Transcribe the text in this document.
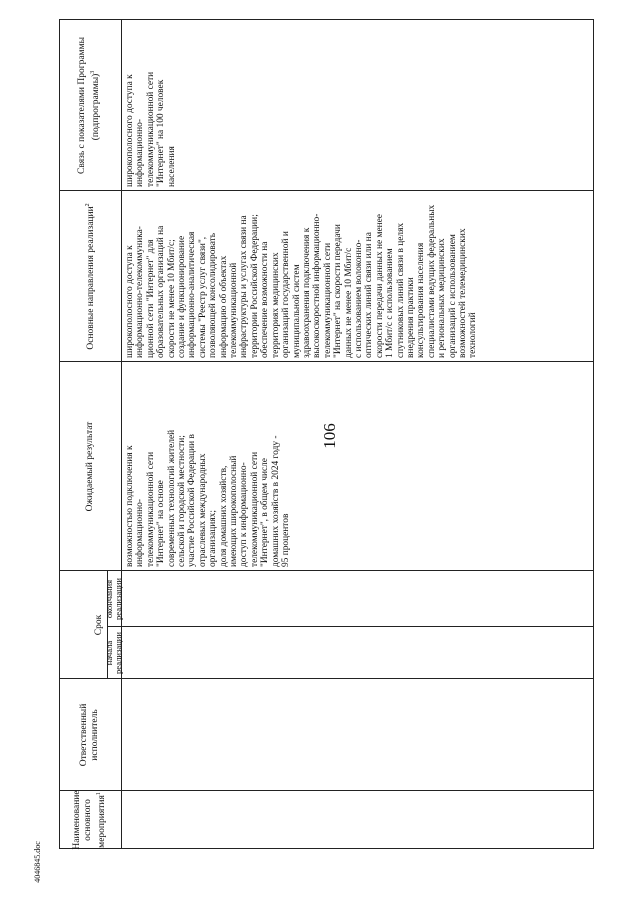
106
Наименование основного мероприятия$^1$
Ответственный исполнитель
Срок
начала реализации
окончания реализации
Ожидаемый результат
Основные направления реализации$^2$
Связь с показателями Программы (подпрограммы)$^3$
возможностью подключения к
информационно-
телекоммуникационной сети
"Интернет" на основе
современных технологий жителей
сельской и городской местности;
участие Российской Федерации в
отраслевых международных
организациях;
доля домашних хозяйств,
имеющих широкополосный
доступ к информационно-
телекоммуникационной сети
"Интернет", в общем числе
домашних хозяйств в 2024 году -
95 процентов
широкополосного доступа к
информационно-телекоммуника-
ционной сети "Интернет" для
образовательных организаций на
скорости не менее 10 Мбит/с;
создание и функционирование
информационно-аналитическая
системы "Реестр услуг связи",
позволяющей консолидировать
информацию об объектах
телекоммуникационной
инфраструктуры и услугах связи на
территории Российской Федерации;
обеспечение возможности на
территориях медицинских
организаций государственной и
муниципальной систем
здравоохранения подключения к
высокоскоростной информационно-
телекоммуникационной сети
"Интернет" на скорости передачи
данных не менее 10 Мбит/с
с использованием волоконно-
оптических линий связи или на
скорости передачи данных не менее
1 Мбит/с с использованием
спутниковых линий связи в целях
внедрения практики
консультирования населения
специалистами ведущих федеральных
и региональных медицинских
организаций с использованием
возможностей телемедицинских
технологий
широкополосного доступа к
информационно-
телекоммуникационной сети
"Интернет" на 100 человек
населения
4046845.doc
